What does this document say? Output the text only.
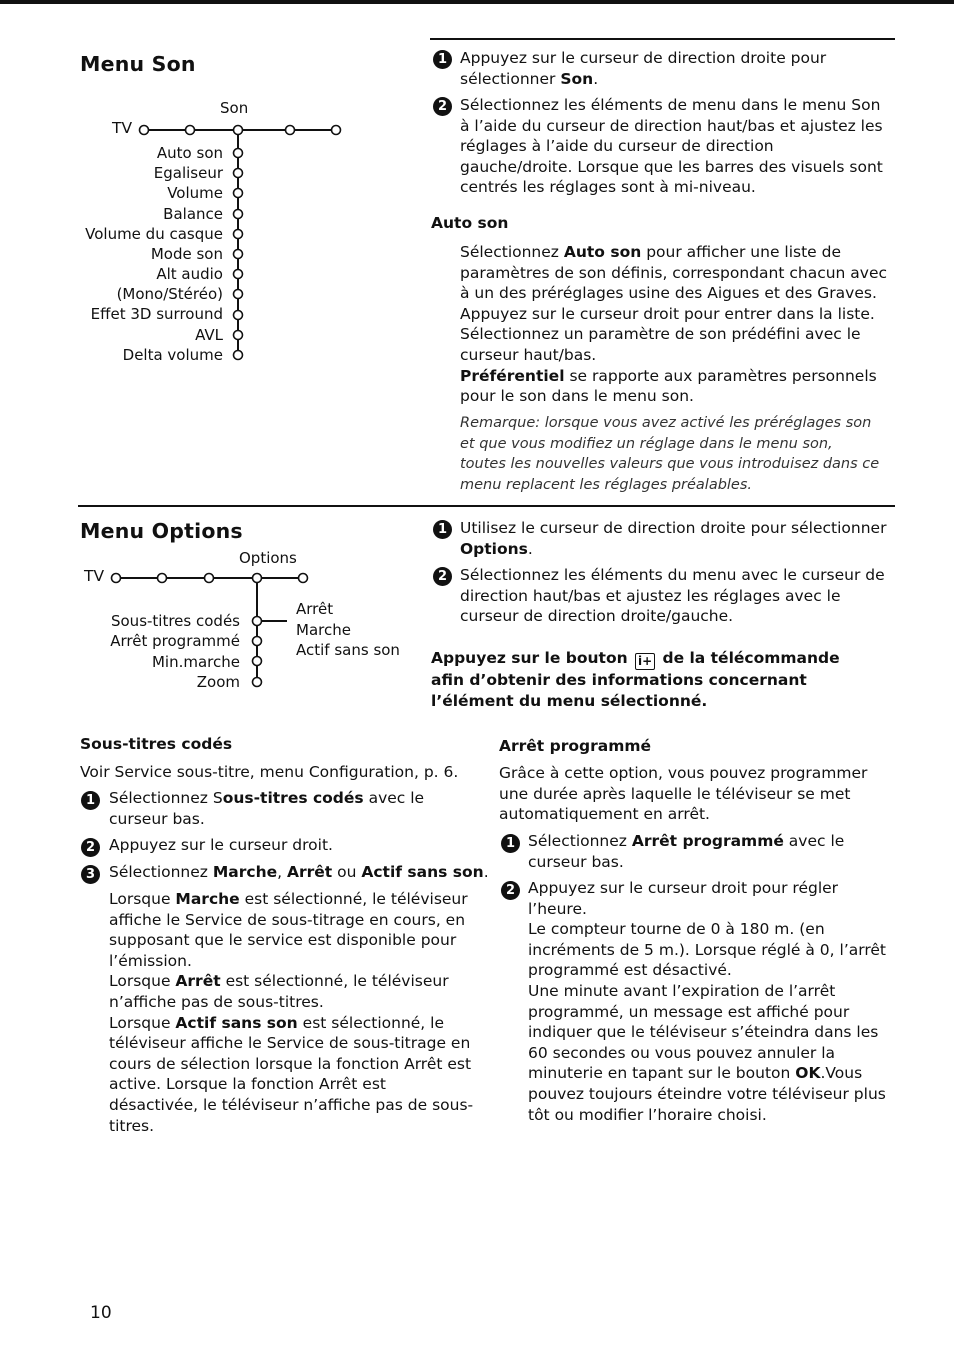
Menu Son
TV
Son
Auto son
Egaliseur
Volume
Balance
Volume du casque
Mode son
Alt audio
(Mono/Stéréo)
Effet 3D surround
AVL
Delta volume
1 Appuyez sur le curseur de direction droite pour sélectionner Son.
2 Sélectionnez les éléments de menu dans le menu Son à l’aide du curseur de direction haut/bas et ajustez les réglages à l’aide du curseur de direction gauche/droite. Lorsque que les barres des visuels sont centrés les réglages sont à mi-niveau.
Auto son
Sélectionnez Auto son pour afficher une liste de paramètres de son définis, correspondant chacun avec à un des préréglages usine des Aigues et des Graves. Appuyez sur le curseur droit pour entrer dans la liste. Sélectionnez un paramètre de son prédéfini avec le curseur haut/bas.
Préférentiel se rapporte aux paramètres personnels pour le son dans le menu son.
Remarque: lorsque vous avez activé les préréglages son et que vous modifiez un réglage dans le menu son, toutes les nouvelles valeurs que vous introduisez dans ce menu replacent les réglages préalables.
Menu Options
TV
Options
Sous-titres codés
Arrêt programmé
Min.marche
Zoom
Arrêt
Marche
Actif sans son
1 Utilisez le curseur de direction droite pour sélectionner Options.
2 Sélectionnez les éléments du menu avec le curseur de direction haut/bas et ajustez les réglages avec le curseur de direction droite/gauche.
Appuyez sur le bouton i+ de la télécommande afin d’obtenir des informations concernant l’élément du menu sélectionné.
Sous-titres codés
Voir Service sous-titre, menu Configuration, p. 6.
1 Sélectionnez Sous-titres codés avec le curseur bas.
2 Appuyez sur le curseur droit.
3 Sélectionnez Marche, Arrêt ou Actif sans son.
Lorsque Marche est sélectionné, le téléviseur affiche le Service de sous-titrage en cours, en supposant que le service est disponible pour l’émission.
Lorsque Arrêt est sélectionné, le téléviseur n’affiche pas de sous-titres.
Lorsque Actif sans son est sélectionné, le téléviseur affiche le Service de sous-titrage en cours de sélection lorsque la fonction Arrêt est active. Lorsque la fonction Arrêt est désactivée, le téléviseur n’affiche pas de sous-titres.
Arrêt programmé
Grâce à cette option, vous pouvez programmer une durée après laquelle le téléviseur se met automatiquement en arrêt.
1 Sélectionnez Arrêt programmé avec le curseur bas.
2 Appuyez sur le curseur droit pour régler l’heure.
Le compteur tourne de 0 à 180 m. (en incréments de 5 m.). Lorsque réglé à 0, l’arrêt programmé est désactivé.
Une minute avant l’expiration de l’arrêt programmé, un message est affiché pour indiquer que le téléviseur s’éteindra dans les 60 secondes ou vous pouvez annuler la minuterie en tapant sur le bouton OK.Vous pouvez toujours éteindre votre téléviseur plus tôt ou modifier l’horaire choisi.
10
